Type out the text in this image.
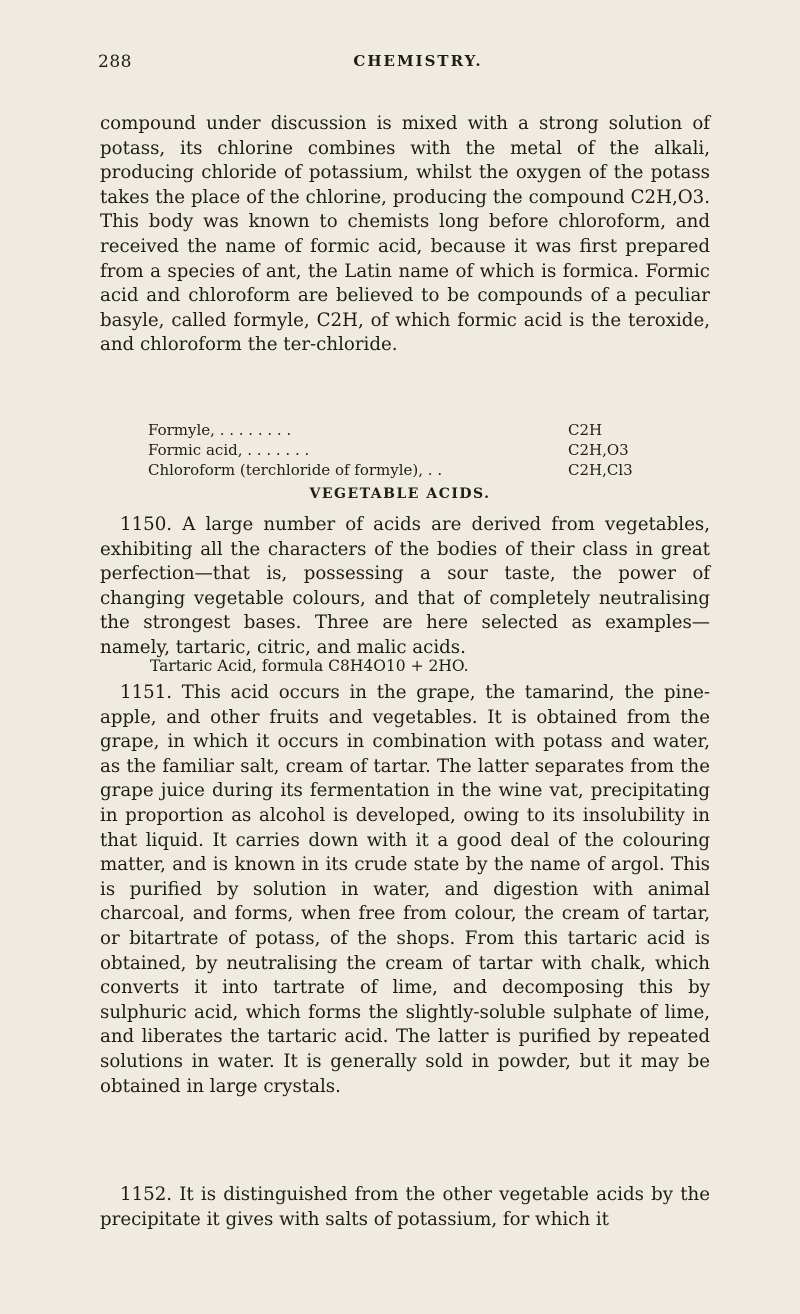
288	CHEMISTRY.

compound under discussion is mixed with a strong solution of potass, its chlorine combines with the metal of the alkali, producing chloride of potassium, whilst the oxygen of the potass takes the place of the chlorine, producing the compound C2H,O3. This body was known to chemists long before chloroform, and received the name of formic acid, because it was first prepared from a species of ant, the Latin name of which is formica. Formic acid and chloroform are believed to be compounds of a peculiar basyle, called formyle, C2H, of which formic acid is the teroxide, and chloroform the ter-chloride.

Formyle, . . . . . . . .	C2H
Formic acid, . . . . . . .	C2H,O3
Chloroform (terchloride of formyle), . .	C2H,Cl3
VEGETABLE ACIDS.

1150. A large number of acids are derived from vegetables, exhibiting all the characters of the bodies of their class in great perfection—that is, possessing a sour taste, the power of changing vegetable colours, and that of completely neutralising the strongest bases. Three are here selected as examples—namely, tartaric, citric, and malic acids.

Tartaric Acid, formula C8H4O10 + 2HO.

1151. This acid occurs in the grape, the tamarind, the pine-apple, and other fruits and vegetables. It is obtained from the grape, in which it occurs in combination with potass and water, as the familiar salt, cream of tartar. The latter separates from the grape juice during its fermentation in the wine vat, precipitating in proportion as alcohol is developed, owing to its insolubility in that liquid. It carries down with it a good deal of the colouring matter, and is known in its crude state by the name of argol. This is purified by solution in water, and digestion with animal charcoal, and forms, when free from colour, the cream of tartar, or bitartrate of potass, of the shops. From this tartaric acid is obtained, by neutralising the cream of tartar with chalk, which converts it into tartrate of lime, and decomposing this by sulphuric acid, which forms the slightly-soluble sulphate of lime, and liberates the tartaric acid. The latter is purified by repeated solutions in water. It is generally sold in powder, but it may be obtained in large crystals.

1152. It is distinguished from the other vegetable acids by the precipitate it gives with salts of potassium, for which it
